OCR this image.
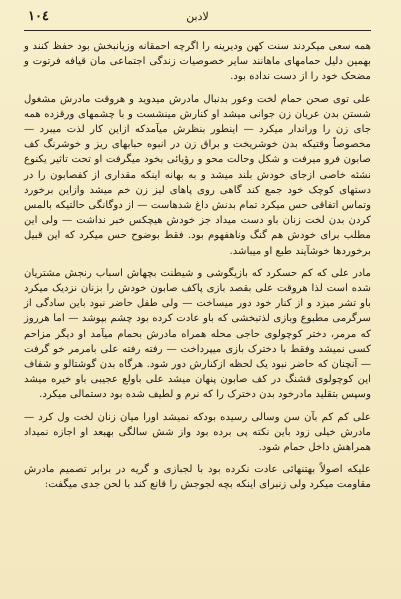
١٠٤	لادبن

همه سعی میکردند سنت کهن ودیرینه را اگرچه احمقانه وزیانبخش بود حفظ کنند و بهمین دلیل حمامهای ماهانند سایر خصوصیات زندگی اجتماعی مان قیافه فرتوت و مضحک خود را از دست نداده بود.

علی توی صحن حمام لخت وعور بدنبال مادرش میدوید و هروقت مادرش مشغول شستن بدن عریان زن جوانی میشد او کنارش مینشست و با چشمهای ورقزده همه جای زن را وراندار میکرد — اینطور بنظرش میآمدکه ازاین کار لذت میبرد — مخصوصاً وقتیکه بدن خوشریخت و براق زن در انبوه حبابهای ریز و خوشرنگ کف صابون فرو میرفت و شکل وحالت محو و رؤیائی بخود میگرفت او تحت تاثیر یکنوع نشئه خاصی ازجای خودش بلند میشد و به بهانه اینکه مقداری از کفصابون را در دستهای کوچک خود جمع کند گاهی روی پاهای لیز زن خم میشد وازاین برخورد وتماس اتفاقی حس میکرد تمام بدنش داغ شدهاست — از دوگانگی حالتیکه بالمس کردن بدن لخت زنان باو دست میداد جز خودش هیچکس خبر نداشت — ولی این مطلب برای خودش هم گنگ وناهفهوم بود. فقط بوضوح حس میکرد که این قبیل برخوردها خوشآیند طبع او میباشد.

مادر علی که کم حسکرد که بازیگوشی و شیطنت بچهاش اسباب رنجش مشتریان شده است لذا هروقت علی بقصد بازی پاکف صابون خودش را بزنان نزدیک میکرد باو تشر میزد و از کنار خود دور میساخت — ولی طفل حاضر نبود باین سادگی از سرگرمی مطبوع وبازی لذتبخشی که باو عادت کرده بود چشم بپوشد — اما هرروز که مرمر، دختر کوچولوی حاجی محله همراه مادرش بحمام میآمد او دیگر مزاحم کسی نمیشد وفقط با دخترک بازی میپرداخت — رفته رفته علی بامرمر خو گرفت — آنچنان که حاضر نبود یک لحظه ازکنارش دور شود. هرگاه بدن گوشتالو و شفاف این کوچولوی قشنگ در کف صابون پنهان میشد علی باولع عجیبی باو خیره میشد وسپس بتقلید مادرخود بدن دخترک را که نرم و لطیف شده بود دستمالی میکرد.

علی کم کم بآن سن وسالی رسیده بودکه نمیشد اورا میان زنان لخت ول کرد — مادرش خیلی زود باین نکته پی برده بود واز شش سالگی بهبعد او اجازه نمیداد همراهش داخل حمام شود.

علیکه اصولاً بهتنهائی عادت نکرده بود با لجبازی و گریه در برابر تصمیم مادرش مقاومت میکرد ولی زنبرای اینکه بچه لجوجش را قانع کند با لحن جدی میگفت:
